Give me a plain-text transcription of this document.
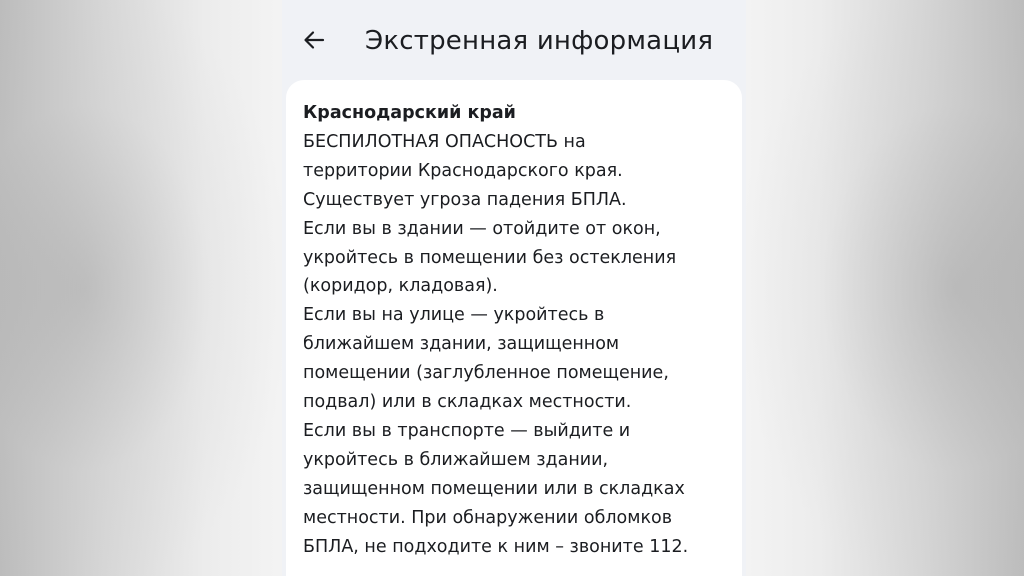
Экстренная информация
Краснодарский край
БЕСПИЛОТНАЯ ОПАСНОСТЬ на
территории Краснодарского края.
Существует угроза падения БПЛА.
Если вы в здании — отойдите от окон,
укройтесь в помещении без остекления
(коридор, кладовая).
Если вы на улице — укройтесь в
ближайшем здании, защищенном
помещении (заглубленное помещение,
подвал) или в складках местности.
Если вы в транспорте — выйдите и
укройтесь в ближайшем здании,
защищенном помещении или в складках
местности. При обнаружении обломков
БПЛА, не подходите к ним – звоните 112.
